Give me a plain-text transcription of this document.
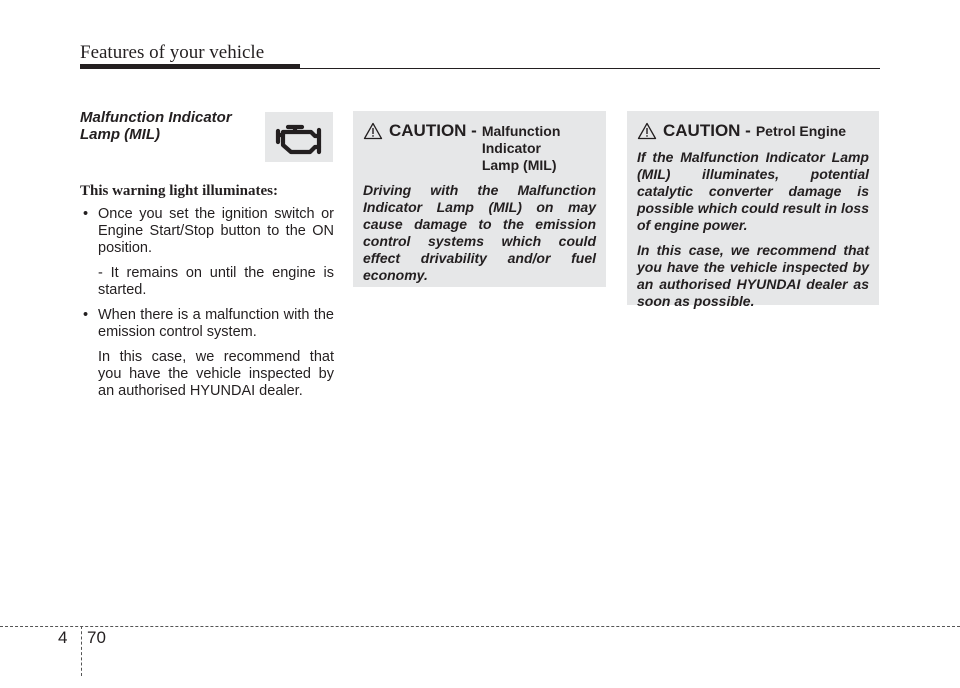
Features of your vehicle
Malfunction Indicator
Lamp (MIL)
This warning light illuminates:
• Once you set the ignition switch or Engine Start/Stop button to the ON position.

- It remains on until the engine is started.

• When there is a malfunction with the emission control system.

In this case, we recommend that you have the vehicle inspected by an authorised HYUNDAI dealer.

CAUTION - Malfunction
Indicator
Lamp (MIL)

Driving with the Malfunction Indicator Lamp (MIL) on may cause damage to the emission control systems which could effect drivability and/or fuel economy.

CAUTION - Petrol Engine

If the Malfunction Indicator Lamp (MIL) illuminates, potential catalytic converter damage is possible which could result in loss of engine power.

In this case, we recommend that you have the vehicle inspected by an authorised HYUNDAI dealer as soon as possible.

4 70
